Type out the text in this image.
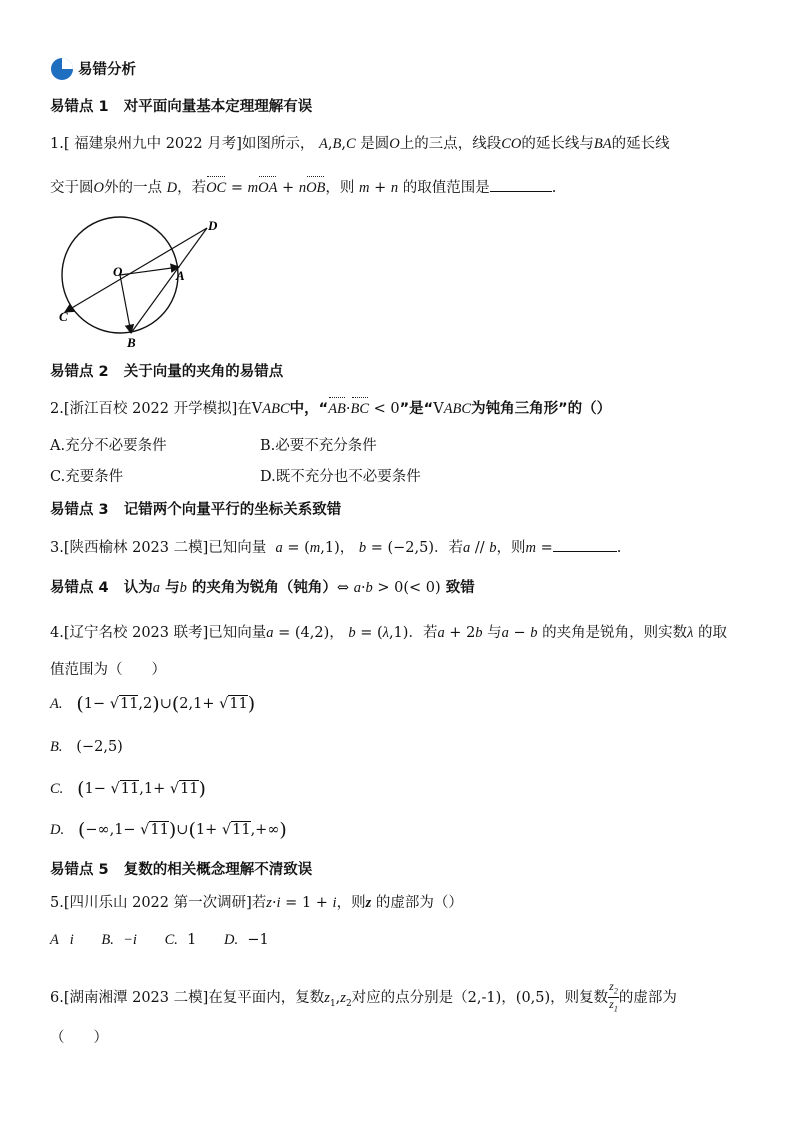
易错分析
易错点 1 对平面向量基本定理理解有误
1.[ 福建泉州九中 2022 月考]如图所示， A,B,C 是圆O上的三点，线段CO的延长线与BA的延长线
交于圆O外的一点 D，若OC = mOA + nOB，则 m + n 的取值范围是	.
O	A
B
C
D
易错点 2 关于向量的夹角的易错点
2.[浙江百校 2022 开学模拟]在VABC中，“AB·BC < 0”是“VABC为钝角三角形”的（）
A.充分不必要条件	B.必要不充分条件
C.充要条件	D.既不充分也不必要条件
易错点 3 记错两个向量平行的坐标关系致错
3.[陕西榆林 2023 二模]已知向量 a = (m,1)， b = (−2,5)．若a // b，则m =	.
易错点 4 认为a 与b 的夹角为锐角（钝角）⇔ a·b > 0(< 0) 致错
4.[辽宁名校 2023 联考]已知向量a = (4,2)， b = (λ,1)．若a + 2b 与a − b 的夹角是锐角，则实数λ 的取
值范围为（　　）
A. (1− √11,2)∪(2,1+ √11)
B.   (−2,5)
C. (1− √11,1+ √11)
D. (−∞,1− √11)∪(1+ √11,+∞)
易错点 5 复数的相关概念理解不清致误
5.[四川乐山 2022 第一次调研]若z·i = 1 + i，则z 的虚部为（）
A i B. −i C. 1 D. −1
6.[湖南湘潭 2023 二模]在复平面内，复数$z_1,z_2$对应的点分别是（2,-1)，(0,5)，则复数 $\frac{z_2}{z_1}$ 的虚部为
（　　）
